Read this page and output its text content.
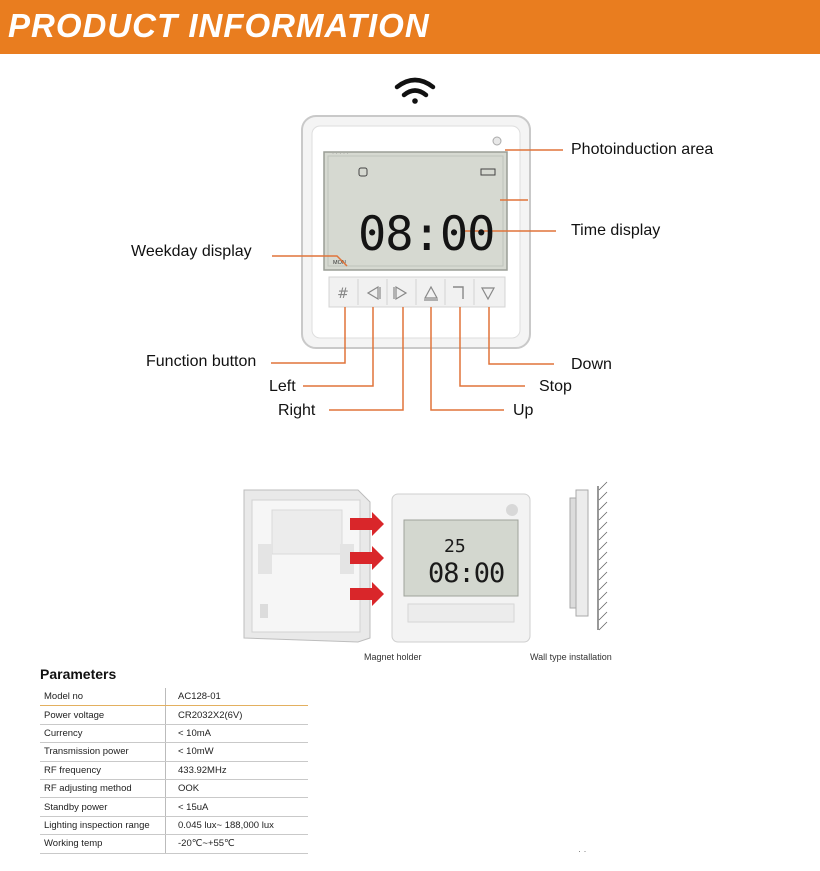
PRODUCT INFORMATION
· · · · ·
MON
#
08:00
Photoinduction area
Time display
Weekday display
Function button
Left
Right
Down
Stop
Up
25
08:00
Magnet holder	Wall type installation
Parameters
Model no	AC128-01
Power voltage	CR2032X2(6V)
Currency	< 10mA
Transmission power	< 10mW
RF frequency	433.92MHz
RF adjusting method	OOK
Standby power	< 15uA
Lighting inspection range	0.045 lux~ 188,000 lux
Working temp	-20℃~+55℃
· ·
